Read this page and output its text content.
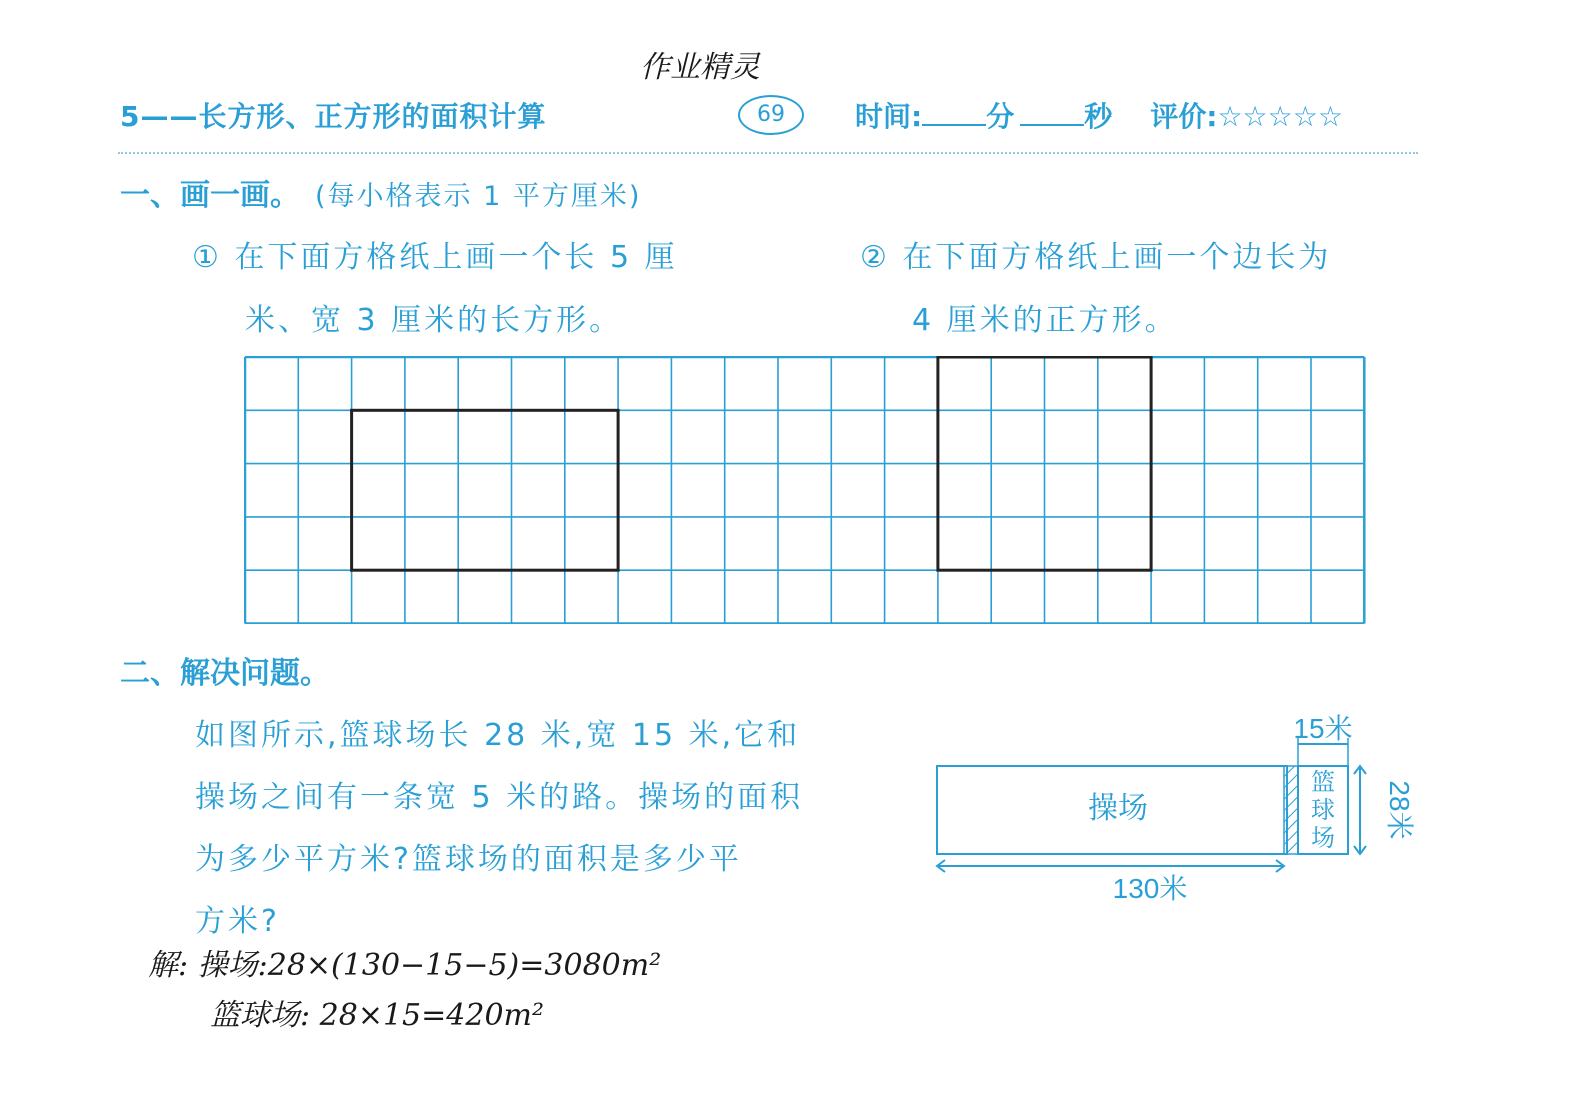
作业精灵
5——长方形、正方形的面积计算	69	时间: 分	秒 评价: ☆☆☆☆☆
一、画一画。 (每小格表示 1 平方厘米)
① 在下面方格纸上画一个长 5 厘
米、宽 3 厘米的长方形。
② 在下面方格纸上画一个边长为
4 厘米的正方形。
二、解决问题。
如图所示,篮球场长 28 米,宽 15 米,它和
操场之间有一条宽 5 米的路。操场的面积
为多少平方米?篮球场的面积是多少平
方米?
15米
28米
130米
操场
篮
球
场
解: 操场:28×(130−15−5)=3080m²
篮球场: 28×15=420m²
